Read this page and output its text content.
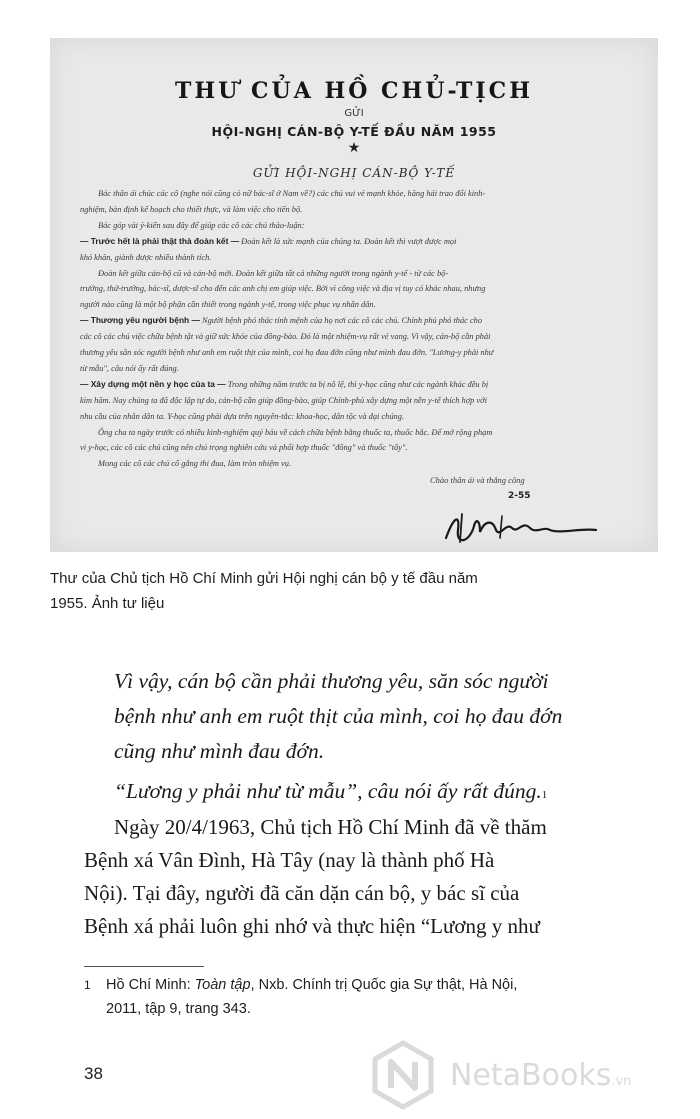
THƯ CỦA HỒ CHỦ-TỊCH
GỬI
HỘI-NGHỊ CÁN-BỘ Y-TẾ ĐẦU NĂM 1955
★
GỬI HỘI-NGHỊ CÁN-BỘ Y-TẾ
Bác thân ái chúc các cô (nghe nói cũng có nữ bác-sĩ ở Nam về?) các chú vui vẻ mạnh khỏe, hăng hái trao đổi kinh-
nghiệm, bàn định kế hoạch cho thiết thực, và làm việc cho tiến bộ.
Bác góp vài ý-kiến sau đây để giúp các cô các chú thảo-luận:
— Trước hết là phải thật thà đoàn kết — Đoàn kết là sức mạnh của chúng ta. Đoàn kết thì vượt được mọi
khó khăn, giành được nhiều thành tích.
Đoàn kết giữa cán-bộ cũ và cán-bộ mới. Đoàn kết giữa tất cả những người trong ngành y-tế - từ các bộ-
trưởng, thứ-trưởng, bác-sĩ, dược-sĩ cho đến các anh chị em giúp việc. Bởi vì công việc và địa vị tuy có khác nhau, nhưng
người nào cũng là một bộ phận cần thiết trong ngành y-tế, trong việc phục vụ nhân dân.
— Thương yêu người bệnh — Người bệnh phó thác tính mệnh của họ nơi các cô các chú. Chính phủ phó thác cho
các cô các chú việc chữa bệnh tật và giữ sức khỏe của đồng-bào. Đó là một nhiệm-vụ rất vẻ vang. Vì vậy, cán-bộ cần phải
thương yêu săn sóc người bệnh như anh em ruột thịt của mình, coi họ đau đớn cũng như mình đau đớn. "Lương-y phải như
từ mẫu", câu nói ấy rất đúng.
— Xây dựng một nền y học của ta — Trong những năm trước ta bị nô lệ, thì y-học cũng như các ngành khác đều bị
kìm hãm. Nay chúng ta đã độc lập tự do, cán-bộ cần giúp đồng-bào, giúp Chính-phủ xây dựng một nền y-tế thích hợp với
nhu cầu của nhân dân ta. Y-học cũng phải dựa trên nguyên-tắc: khoa-học, dân tộc và đại chúng.
Ông cha ta ngày trước có nhiều kinh-nghiệm quý báu về cách chữa bệnh bằng thuốc ta, thuốc bắc. Để mở rộng phạm
vi y-học, các cô các chú cũng nên chú trọng nghiên cứu và phối hợp thuốc "đông" và thuốc "tây".
Mong các cô các chú cố gắng thi đua, làm tròn nhiệm vụ.
Chào thân ái và thắng công
2-55
Thư của Chủ tịch Hồ Chí Minh gửi Hội nghị cán bộ y tế đầu năm
1955. Ảnh tư liệu
Vì vậy, cán bộ cần phải thương yêu, săn sóc người
bệnh như anh em ruột thịt của mình, coi họ đau đớn
cũng như mình đau đớn.
“Lương y phải như từ mẫu”, câu nói ấy rất đúng.$^1$
Ngày 20/4/1963, Chủ tịch Hồ Chí Minh đã về thăm
Bệnh xá Vân Đình, Hà Tây (nay là thành phố Hà
Nội). Tại đây, người đã căn dặn cán bộ, y bác sĩ của
Bệnh xá phải luôn ghi nhớ và thực hiện “Lương y như
1 Hồ Chí Minh: Toàn tập, Nxb. Chính trị Quốc gia Sự thật, Hà Nội,
2011, tập 9, trang 343.
38	NetaBooks.vn
